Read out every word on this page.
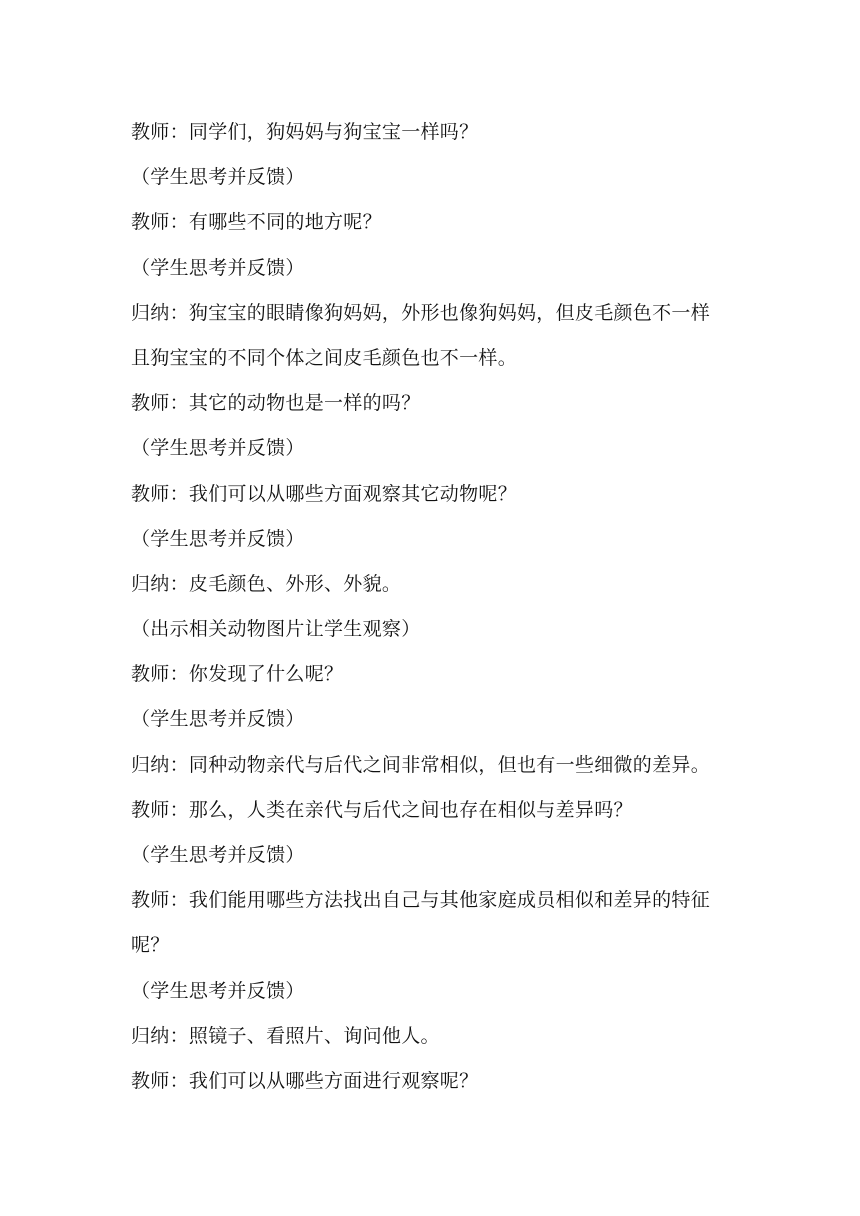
教师：同学们，狗妈妈与狗宝宝一样吗？
（学生思考并反馈）
教师：有哪些不同的地方呢？
（学生思考并反馈）
归纳：狗宝宝的眼睛像狗妈妈，外形也像狗妈妈，但皮毛颜色不一样
且狗宝宝的不同个体之间皮毛颜色也不一样。
教师：其它的动物也是一样的吗？
（学生思考并反馈）
教师：我们可以从哪些方面观察其它动物呢？
（学生思考并反馈）
归纳：皮毛颜色、外形、外貌。
（出示相关动物图片让学生观察）
教师：你发现了什么呢？
（学生思考并反馈）
归纳：同种动物亲代与后代之间非常相似，但也有一些细微的差异。
教师：那么，人类在亲代与后代之间也存在相似与差异吗？
（学生思考并反馈）
教师：我们能用哪些方法找出自己与其他家庭成员相似和差异的特征
呢？
（学生思考并反馈）
归纳：照镜子、看照片、询问他人。
教师：我们可以从哪些方面进行观察呢？
